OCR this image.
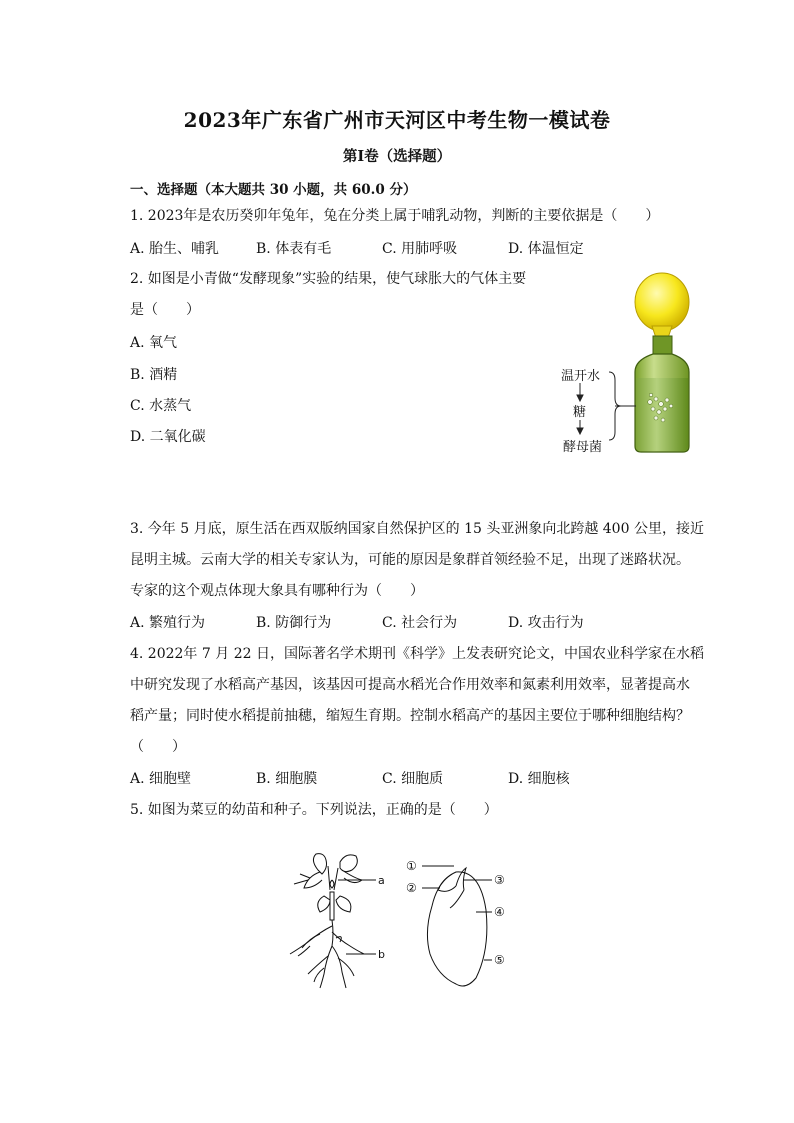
2023年广东省广州市天河区中考生物一模试卷
第I卷（选择题）
一、选择题（本大题共 30 小题，共 60.0 分）
1. 2023年是农历癸卯年兔年，兔在分类上属于哺乳动物，判断的主要依据是（　　）
A. 胎生、哺乳	B. 体表有毛	C. 用肺呼吸	D. 体温恒定
2. 如图是小青做“发酵现象”实验的结果，使气球胀大的气体主要
是（　　）
A. 氧气
B. 酒精
C. 水蒸气
D. 二氧化碳
温开水
糖
酵母菌
3. 今年 5 月底，原生活在西双版纳国家自然保护区的 15 头亚洲象向北跨越 400 公里，接近
昆明主城。云南大学的相关专家认为，可能的原因是象群首领经验不足，出现了迷路状况。
专家的这个观点体现大象具有哪种行为（　　）
A. 繁殖行为	B. 防御行为	C. 社会行为	D. 攻击行为
4. 2022年 7 月 22 日，国际著名学术期刊《科学》上发表研究论文，中国农业科学家在水稻
中研究发现了水稻高产基因，该基因可提高水稻光合作用效率和氮素利用效率，显著提高水
稻产量；同时使水稻提前抽穗，缩短生育期。控制水稻高产的基因主要位于哪种细胞结构？
（　　）
A. 细胞壁	B. 细胞膜	C. 细胞质	D. 细胞核
5. 如图为菜豆的幼苗和种子。下列说法，正确的是（　　）
a
b
①
②
③
④
⑤
